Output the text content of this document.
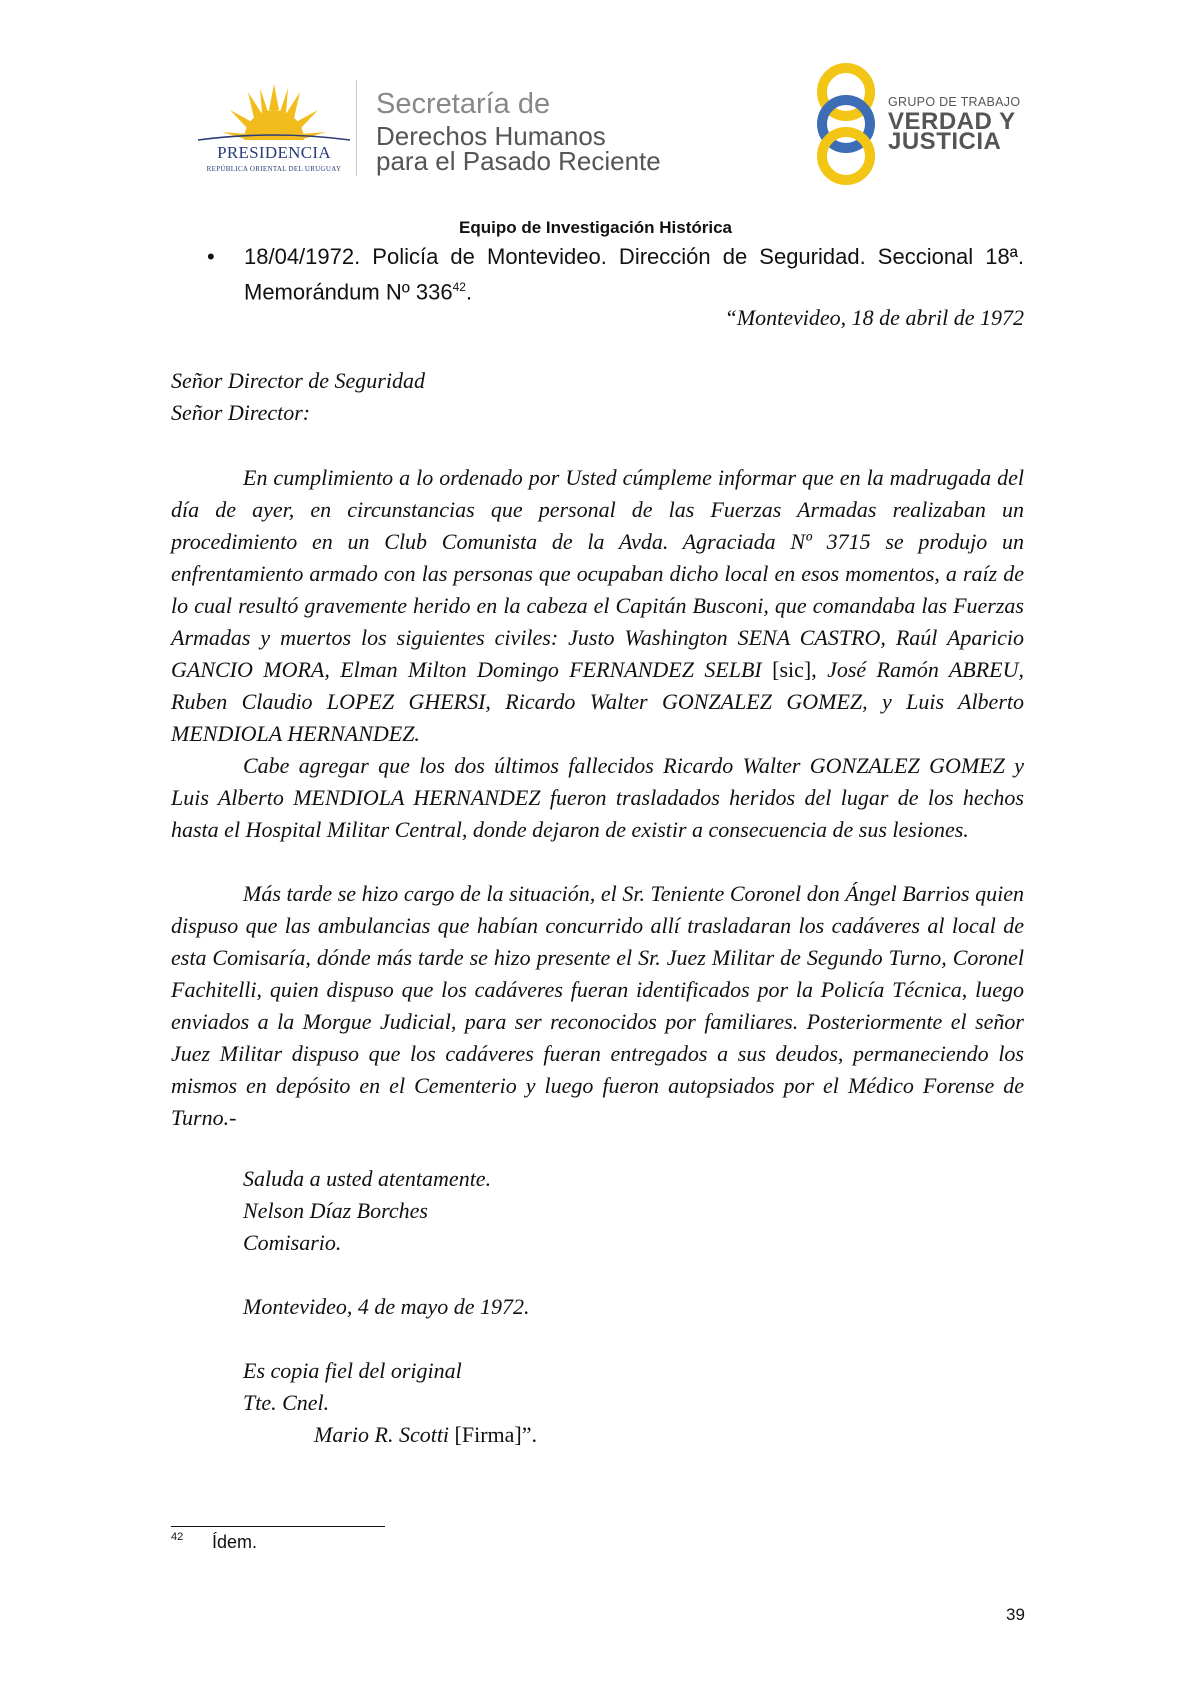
PRESIDENCIA
REPÚBLICA ORIENTAL DEL URUGUAY
Secretaría de
Derechos Humanos
para el Pasado Reciente
GRUPO DE TRABAJO
VERDAD Y
JUSTICIA
Equipo de Investigación Histórica
• 18/04/1972. Policía de Montevideo. Dirección de Seguridad. Seccional 18ª. Memorándum Nº $336^{42}$.
“Montevideo, 18 de abril de 1972
Señor Director de Seguridad
Señor Director:
En cumplimiento a lo ordenado por Usted cúmpleme informar que en la madrugada del día de ayer, en circunstancias que personal de las Fuerzas Armadas realizaban un procedimiento en un Club Comunista de la Avda. Agraciada Nº 3715 se produjo un enfrentamiento armado con las personas que ocupaban dicho local en esos momentos, a raíz de lo cual resultó gravemente herido en la cabeza el Capitán Busconi, que comandaba las Fuerzas Armadas y muertos los siguientes civiles: Justo Washington SENA CASTRO, Raúl Aparicio GANCIO MORA, Elman Milton Domingo FERNANDEZ SELBI [sic], José Ramón ABREU, Ruben Claudio LOPEZ GHERSI, Ricardo Walter GONZALEZ GOMEZ, y Luis Alberto MENDIOLA HERNANDEZ.
Cabe agregar que los dos últimos fallecidos Ricardo Walter GONZALEZ GOMEZ y Luis Alberto MENDIOLA HERNANDEZ fueron trasladados heridos del lugar de los hechos hasta el Hospital Militar Central, donde dejaron de existir a consecuencia de sus lesiones.
Más tarde se hizo cargo de la situación, el Sr. Teniente Coronel don Ángel Barrios quien dispuso que las ambulancias que habían concurrido allí trasladaran los cadáveres al local de esta Comisaría, dónde más tarde se hizo presente el Sr. Juez Militar de Segundo Turno, Coronel Fachitelli, quien dispuso que los cadáveres fueran identificados por la Policía Técnica, luego enviados a la Morgue Judicial, para ser reconocidos por familiares. Posteriormente el señor Juez Militar dispuso que los cadáveres fueran entregados a sus deudos, permaneciendo los mismos en depósito en el Cementerio y luego fueron autopsiados por el Médico Forense de Turno.-
Saluda a usted atentamente.
Nelson Díaz Borches
Comisario.
Montevideo, 4 de mayo de 1972.
Es copia fiel del original
Tte. Cnel.
Mario R. Scotti [Firma]”.
42 Ídem.
39
